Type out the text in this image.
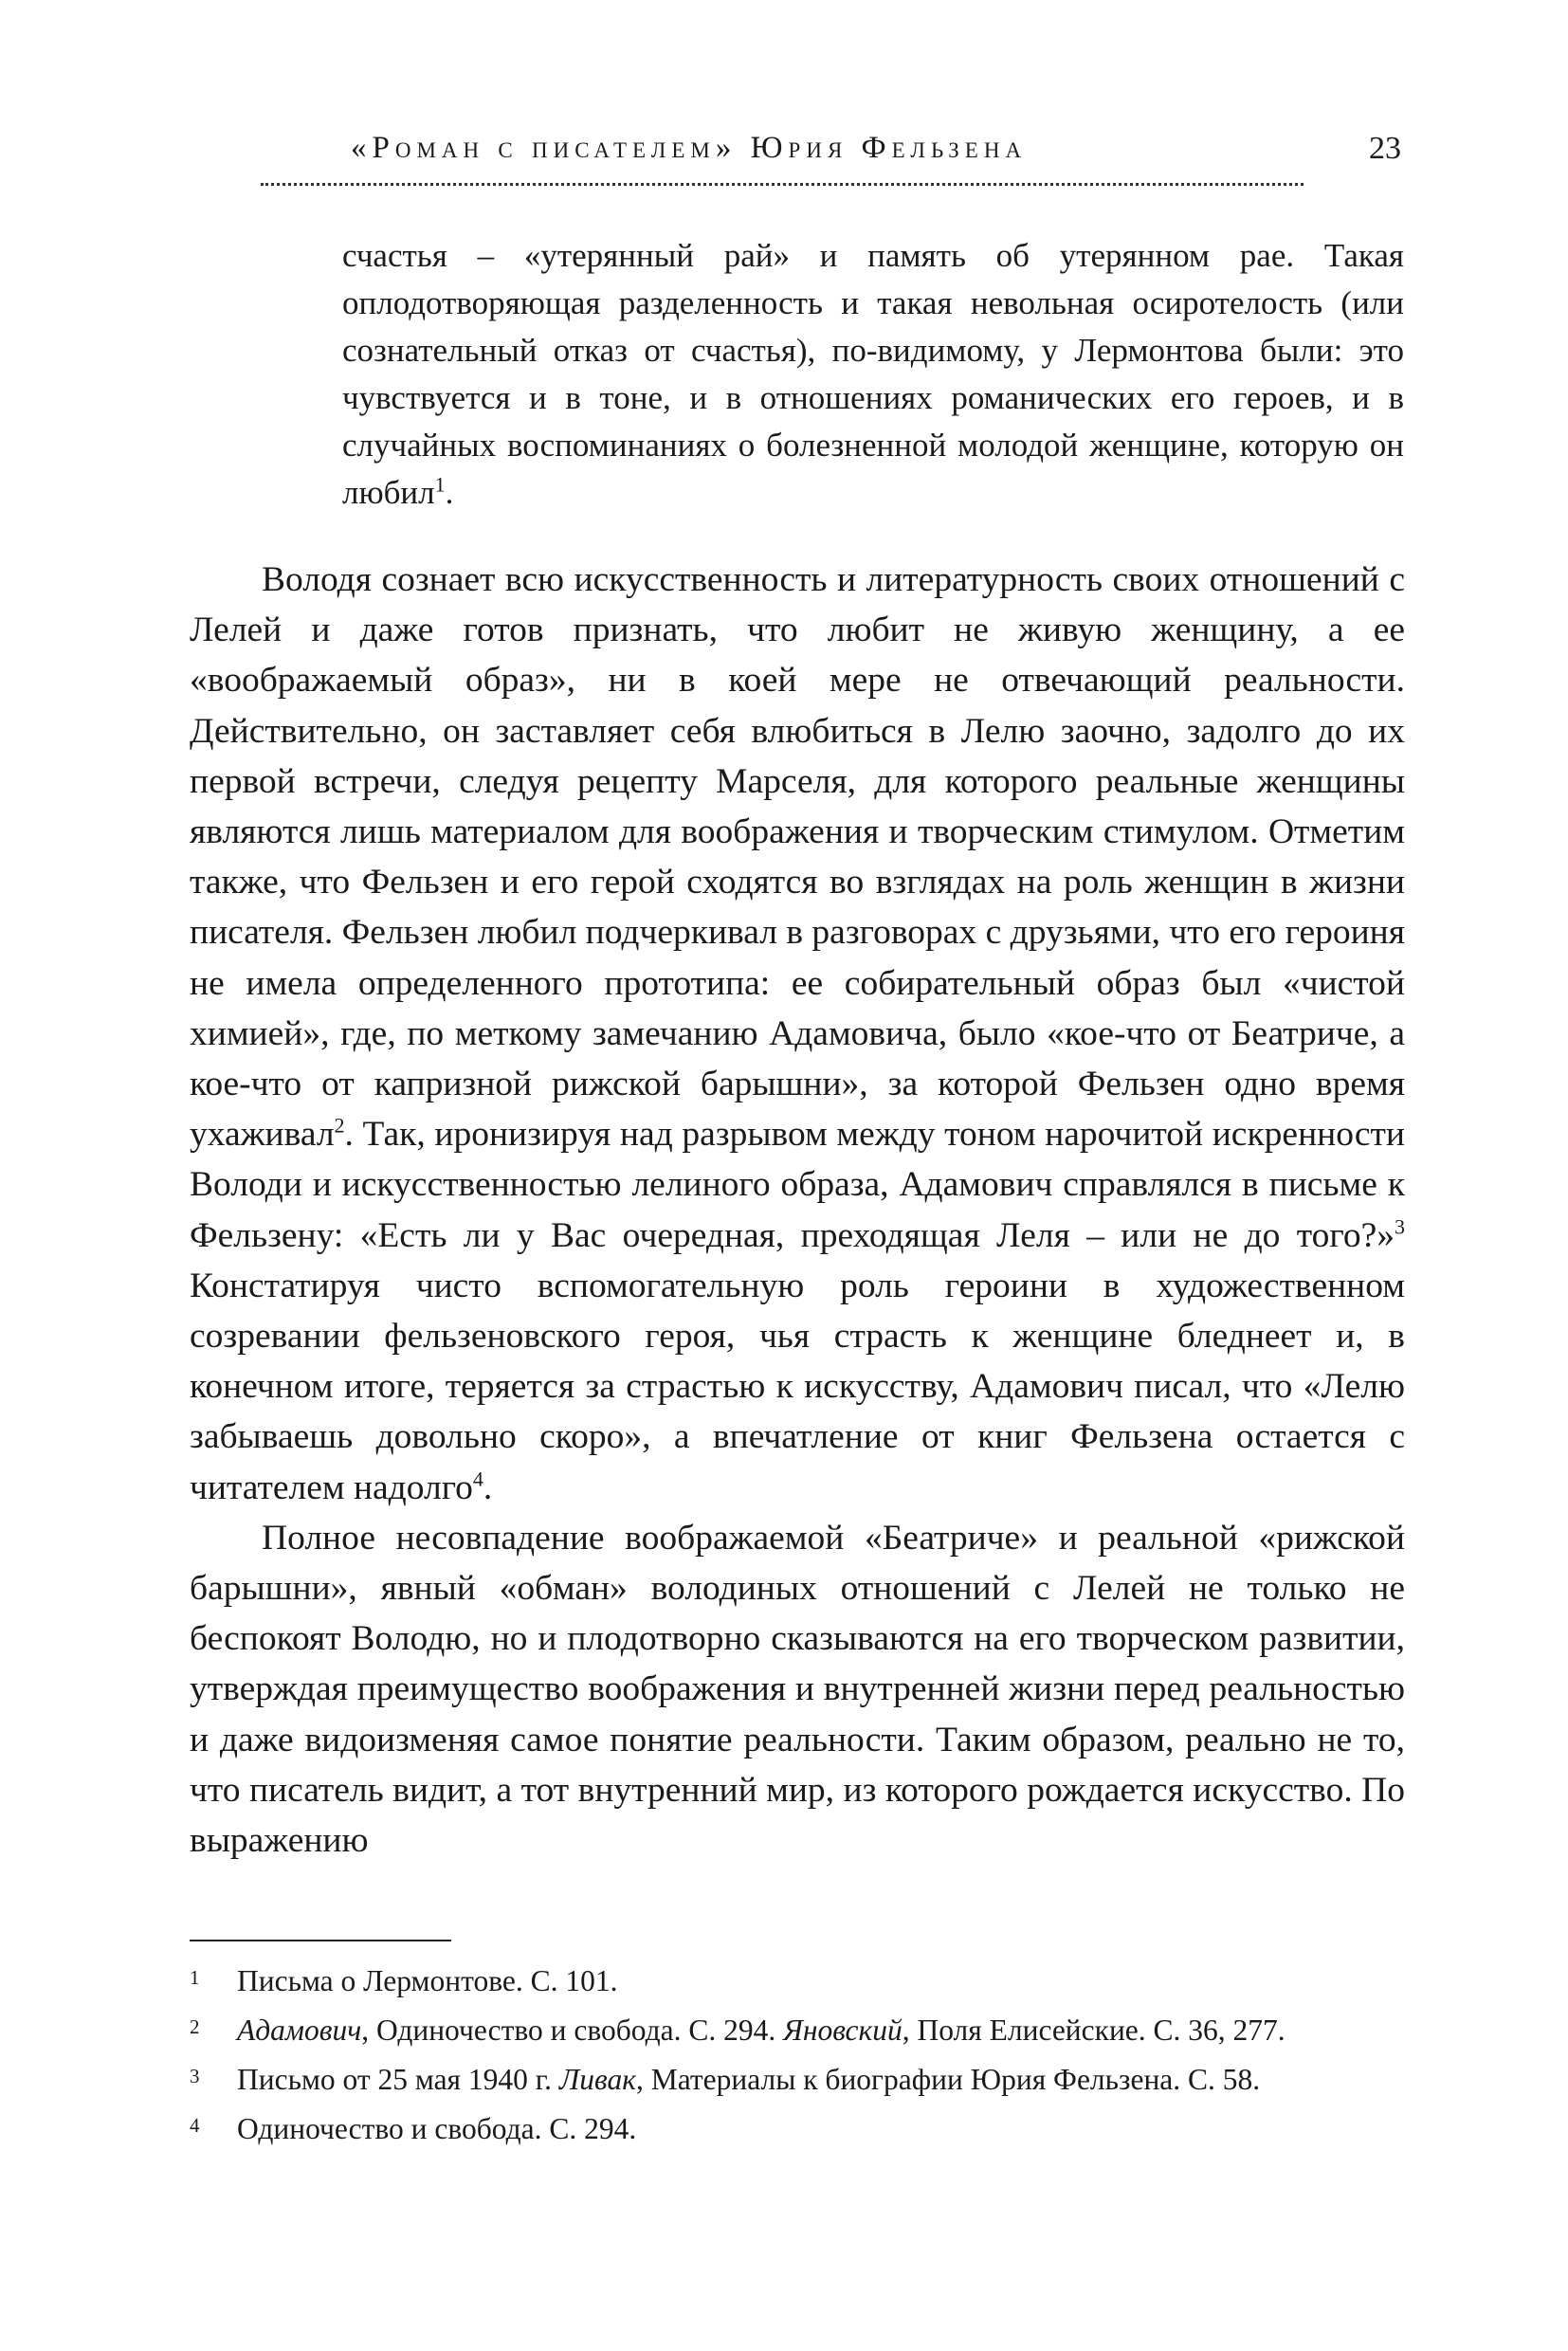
«Роман с писателем» Юрия Фельзена	23

счастья – «утерянный рай» и память об утерянном рае. Такая оплодотворяющая разделенность и такая невольная осиротелость (или сознательный отказ от счастья), по-видимому, у Лермонтова были: это чувствуется и в тоне, и в отношениях романических его героев, и в случайных воспоминаниях о болезненной молодой женщине, которую он любил$^1$.

Володя сознает всю искусственность и литературность своих отношений с Лелей и даже готов признать, что любит не живую женщину, а ее «воображаемый образ», ни в коей мере не отвечающий реальности. Действительно, он заставляет себя влюбиться в Лелю заочно, задолго до их первой встречи, следуя рецепту Марселя, для которого реальные женщины являются лишь материалом для воображения и творческим стимулом. Отметим также, что Фельзен и его герой сходятся во взглядах на роль женщин в жизни писателя. Фельзен любил подчеркивал в разговорах с друзьями, что его героиня не имела определенного прототипа: ее собирательный образ был «чистой химией», где, по меткому замечанию Адамовича, было «кое-что от Беатриче, а кое-что от капризной рижской барышни», за которой Фельзен одно время ухаживал$^2$. Так, иронизируя над разрывом между тоном нарочитой искренности Володи и искусственностью лелиного образа, Адамович справлялся в письме к Фельзену: «Есть ли у Вас очередная, преходящая Леля – или не до того?»$^3$ Констатируя чисто вспомогательную роль героини в художественном созревании фельзеновского героя, чья страсть к женщине бледнеет и, в конечном итоге, теряется за страстью к искусству, Адамович писал, что «Лелю забываешь довольно скоро», а впечатление от книг Фельзена остается с читателем надолго$^4$.

Полное несовпадение воображаемой «Беатриче» и реальной «рижской барышни», явный «обман» володиных отношений с Лелей не только не беспокоят Володю, но и плодотворно сказываются на его творческом развитии, утверждая преимущество воображения и внутренней жизни перед реальностью и даже видоизменяя самое понятие реальности. Таким образом, реально не то, что писатель видит, а тот внутренний мир, из которого рождается искусство. По выражению

1 Письма о Лермонтове. С. 101.
2 Адамович, Одиночество и свобода. С. 294. Яновский, Поля Елисейские. С. 36, 277.
3 Письмо от 25 мая 1940 г. Ливак, Материалы к биографии Юрия Фельзена. С. 58.
4 Одиночество и свобода. С. 294.
